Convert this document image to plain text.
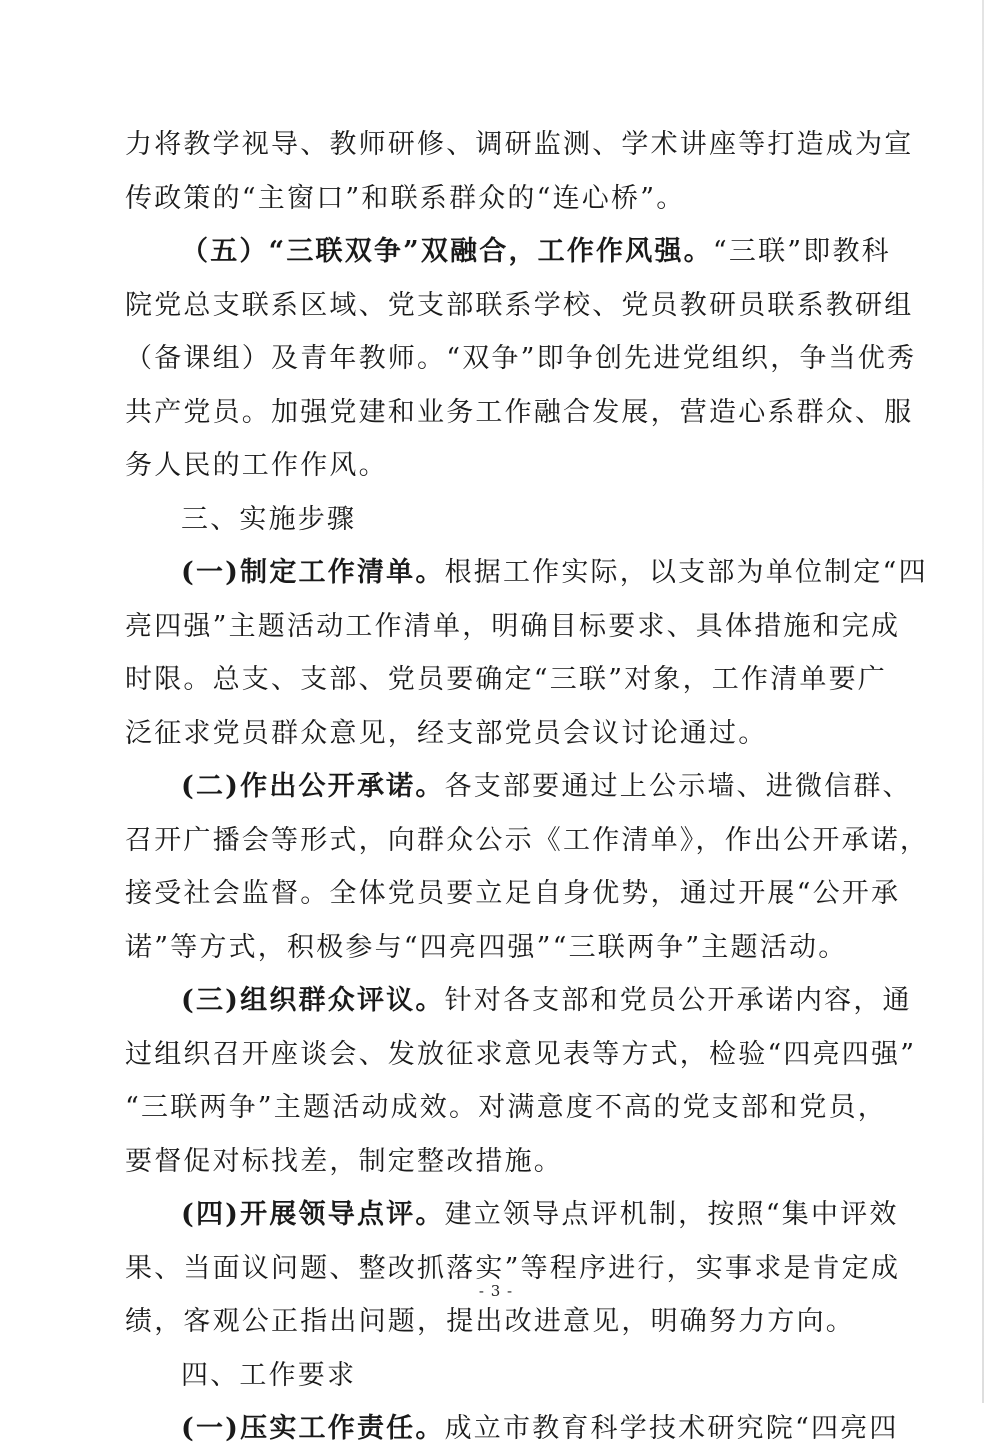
力将教学视导、教师研修、调研监测、学术讲座等打造成为宣
传政策的“主窗口”和联系群众的“连心桥”。
（五）“三联双争”双融合，工作作风强。“三联”即教科
院党总支联系区域、党支部联系学校、党员教研员联系教研组
（备课组）及青年教师。“双争”即争创先进党组织，争当优秀
共产党员。加强党建和业务工作融合发展，营造心系群众、服
务人民的工作作风。
三、实施步骤
(一)制定工作清单。根据工作实际，以支部为单位制定“四
亮四强”主题活动工作清单，明确目标要求、具体措施和完成
时限。总支、支部、党员要确定“三联”对象，工作清单要广
泛征求党员群众意见，经支部党员会议讨论通过。
(二)作出公开承诺。各支部要通过上公示墙、进微信群、
召开广播会等形式，向群众公示《工作清单》，作出公开承诺，
接受社会监督。全体党员要立足自身优势，通过开展“公开承
诺”等方式，积极参与“四亮四强”“三联两争”主题活动。
(三)组织群众评议。针对各支部和党员公开承诺内容，通
过组织召开座谈会、发放征求意见表等方式，检验“四亮四强”
“三联两争”主题活动成效。对满意度不高的党支部和党员，
要督促对标找差，制定整改措施。
(四)开展领导点评。建立领导点评机制，按照“集中评效
果、当面议问题、整改抓落实”等程序进行，实事求是肯定成
绩，客观公正指出问题，提出改进意见，明确努力方向。
四、工作要求
(一)压实工作责任。成立市教育科学技术研究院“四亮四
- 3 -
